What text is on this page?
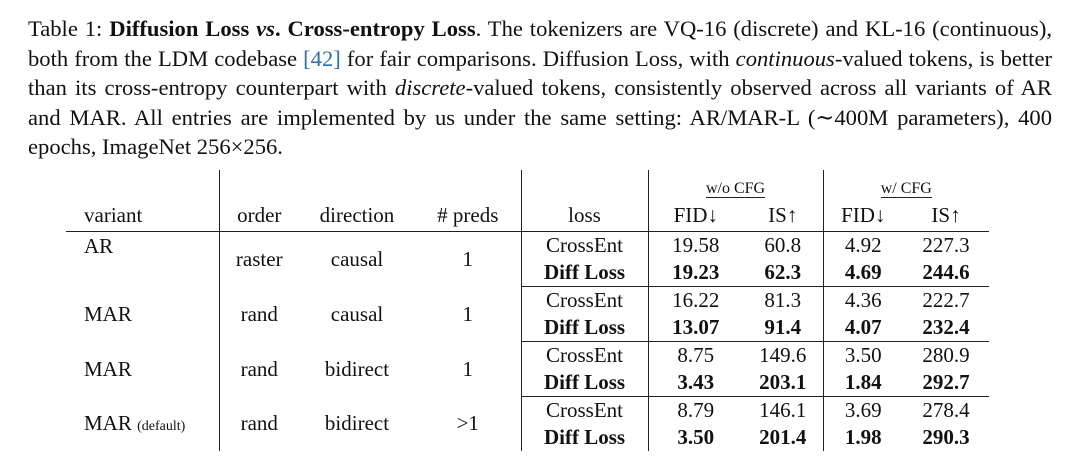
Table 1: Diffusion Loss vs. Cross-entropy Loss. The tokenizers are VQ-16 (discrete) and KL-16 (continuous), both from the LDM codebase [42] for fair comparisons. Diffusion Loss, with continuous-valued tokens, is better than its cross-entropy counterpart with discrete-valued tokens, consistently observed across all variants of AR and MAR. All entries are implemented by us under the same setting: AR/MAR-L (∼400M parameters), 400 epochs, ImageNet 256×256.
					w/o CFG		w/ CFG	
variant	order	direction	# preds	loss	FID↓	IS↑	FID↓	IS↑
AR	raster	causal	1	CrossEnt	19.58	60.8	4.92	227.3
				Diff Loss	19.23	62.3	4.69	244.6
MAR	rand	causal	1	CrossEnt	16.22	81.3	4.36	222.7
				Diff Loss	13.07	91.4	4.07	232.4
MAR	rand	bidirect	1	CrossEnt	8.75	149.6	3.50	280.9
				Diff Loss	3.43	203.1	1.84	292.7
MAR (default)	rand	bidirect	>1	CrossEnt	8.79	146.1	3.69	278.4
				Diff Loss	3.50	201.4	1.98	290.3
